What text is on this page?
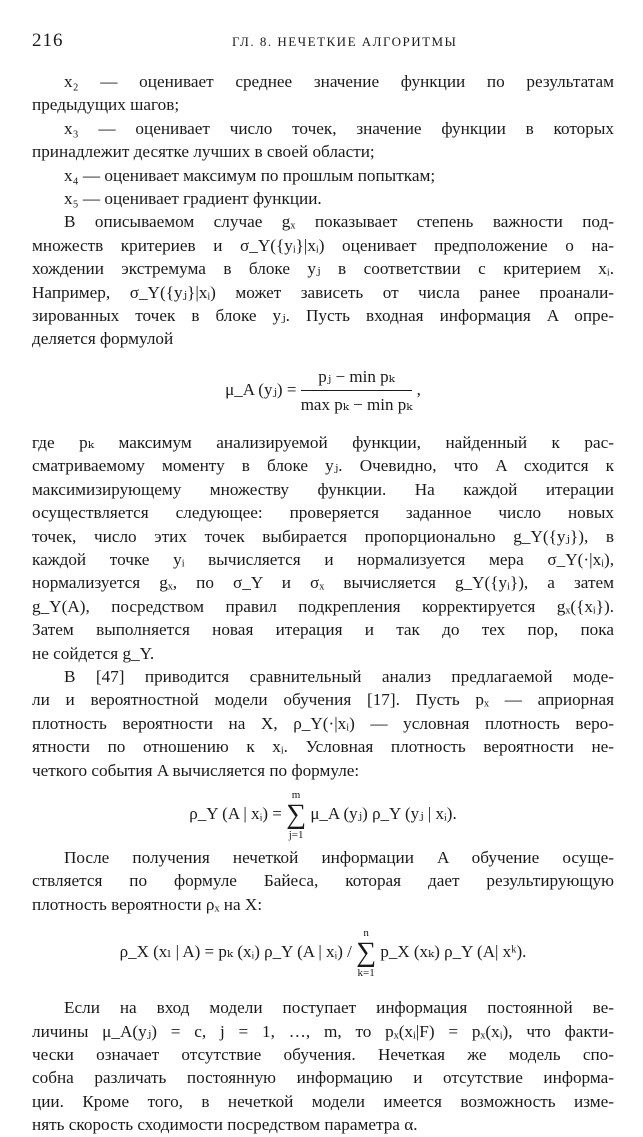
216	ГЛ. 8. НЕЧЕТКИЕ АЛГОРИТМЫ

x₂ — оценивает среднее значение функции по результатам

предыдущих шагов;

x₃ — оценивает число точек, значение функции в которых

принадлежит десятке лучших в своей области;

x₄ — оценивает максимум по прошлым попыткам;

x₅ — оценивает градиент функции.

В описываемом случае gₓ показывает степень важности под-

множеств критериев и σ_Y({yᵢ}|xᵢ) оценивает предположение о на-

хождении экстремума в блоке yⱼ в соответствии с критерием xᵢ.

Например, σ_Y({yⱼ}|xᵢ) может зависеть от числа ранее проанали-

зированных точек в блоке yⱼ. Пусть входная информация A опре-

деляется формулой

μ_A (yⱼ) = $\frac{\text{pⱼ − min pₖ}}{\text{max pₖ − min pₖ}}$ ,

где pₖ максимум анализируемой функции, найденный к рас-

сматриваемому моменту в блоке yⱼ. Очевидно, что A сходится к

максимизирующему множеству функции. На каждой итерации

осуществляется следующее: проверяется заданное число новых

точек, число этих точек выбирается пропорционально g_Y({yⱼ}), в

каждой точке yᵢ вычисляется и нормализуется мера σ_Y(·|xᵢ),

нормализуется gₓ, по σ_Y и σₓ вычисляется g_Y({yᵢ}), а затем

g_Y(A), посредством правил подкрепления корректируется gₓ({xᵢ}).

Затем выполняется новая итерация и так до тех пор, пока

не сойдется g_Y.

В [47] приводится сравнительный анализ предлагаемой моде-

ли и вероятностной модели обучения [17]. Пусть pₓ — априорная

плотность вероятности на X, ρ_Y(·|xᵢ) — условная плотность веро-

ятности по отношению к xᵢ. Условная плотность вероятности не-

четкого события A вычисляется по формуле:

ρ_Y (A | xᵢ) =
m
∑
j=1
μ_A (yⱼ) ρ_Y (yⱼ | xᵢ).

После получения нечеткой информации A обучение осуще-

ствляется по формуле Байеса, которая дает результирующую

плотность вероятности ρₓ на X:

ρ_X (xₗ | A) = pₖ (xᵢ) ρ_Y (A | xᵢ) /
n
∑
k=1
p_X (xₖ) ρ_Y (A| xᵏ).

Если на вход модели поступает информация постоянной ве-

личины μ_A(yⱼ) = c, j = 1, …, m, то pₓ(xᵢ|F) = pₓ(xᵢ), что факти-

чески означает отсутствие обучения. Нечеткая же модель спо-

собна различать постоянную информацию и отсутствие информа-

ции. Кроме того, в нечеткой модели имеется возможность изме-

нять скорость сходимости посредством параметра α.
